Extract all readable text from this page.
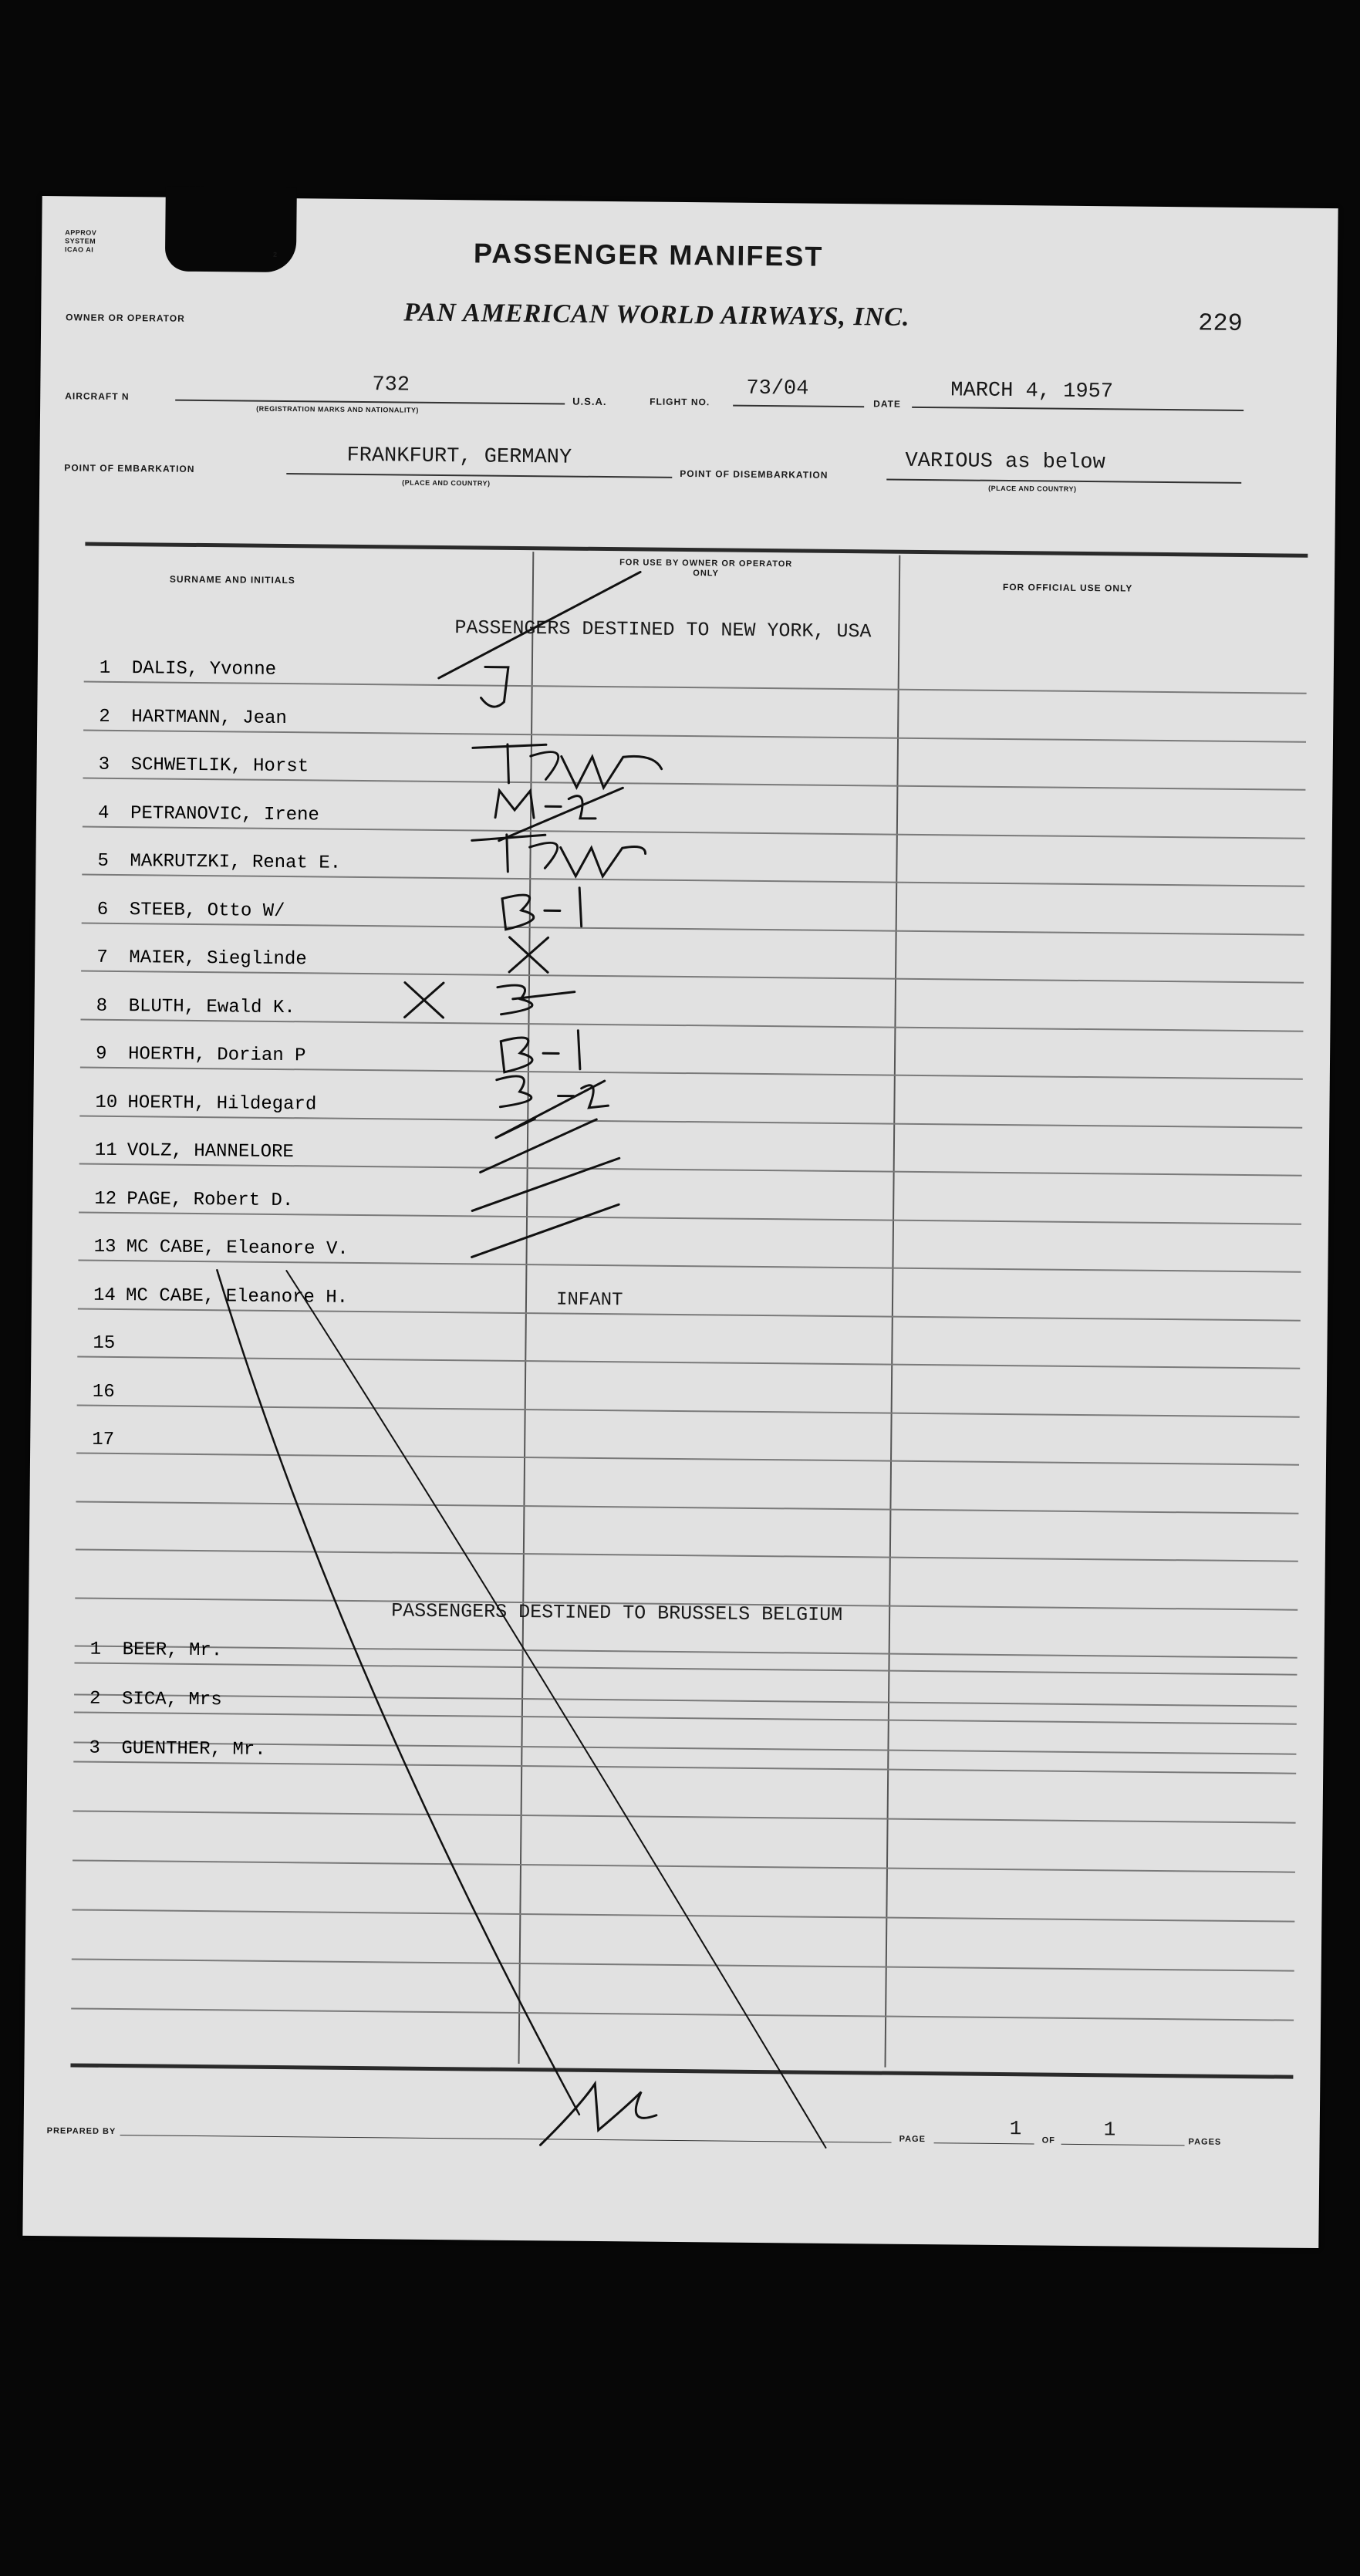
APPROV
SYSTEM
ICAO AI
2	PASSENGER MANIFEST
OWNER OR OPERATOR	PAN AMERICAN WORLD AIRWAYS, INC.	229
AIRCRAFT N	732
(REGISTRATION MARKS AND NATIONALITY)
U.S.A.	FLIGHT NO.
73/04
DATE
MARCH 4, 1957
POINT OF EMBARKATION	FRANKFURT, GERMANY
(PLACE AND COUNTRY)
POINT OF DISEMBARKATION	VARIOUS as below
(PLACE AND COUNTRY)
SURNAME AND INITIALS
FOR USE BY OWNER OR OPERATOR ONLY
FOR OFFICIAL USE ONLY
PASSENGERS DESTINED TO NEW YORK, USA
1 DALIS, Yvonne
2 HARTMANN, Jean
3 SCHWETLIK, Horst
4 PETRANOVIC, Irene
5 MAKRUTZKI, Renat E.
6 STEEB, Otto W/
7 MAIER, Sieglinde
8 BLUTH, Ewald K.
9 HOERTH, Dorian P
10 HOERTH, Hildegard
11 VOLZ, HANNELORE
12 PAGE, Robert D.
13 MC CABE, Eleanore V.
14 MC CABE, Eleanore H.	INFANT
15
16
17
1 BEER, Mr.
2 SICA, Mrs
3 GUENTHER, Mr.
PASSENGERS DESTINED TO BRUSSELS BELGIUM
PREPARED BY
PAGE	1
OF 1
PAGES
